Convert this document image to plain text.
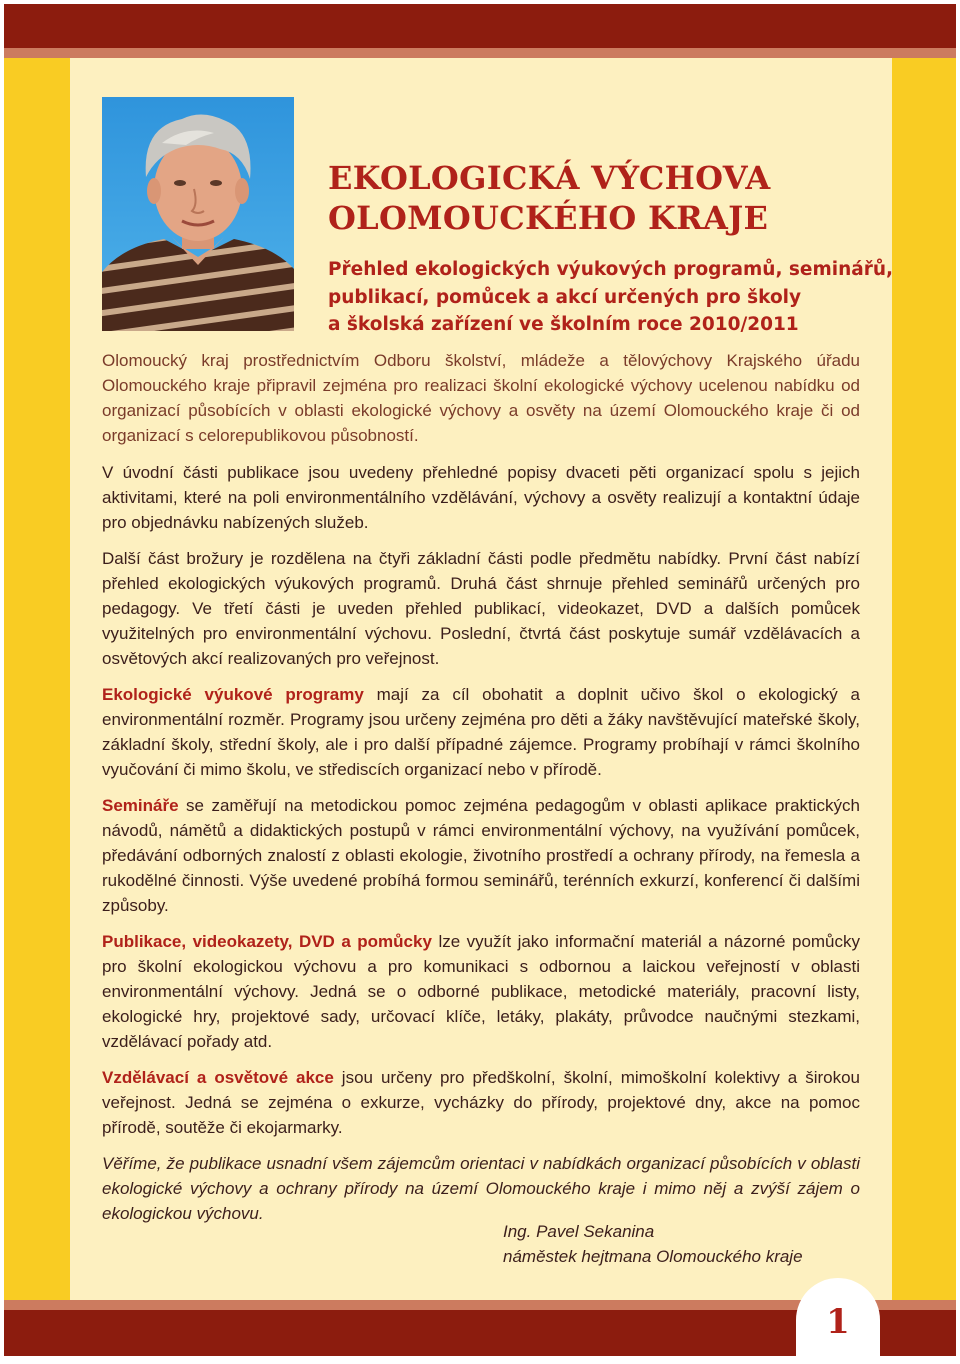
EKOLOGICKÁ VÝCHOVA
OLOMOUCKÉHO KRAJE
Přehled ekologických výukových programů, seminářů,
publikací, pomůcek a akcí určených pro školy
a školská zařízení ve školním roce 2010/2011

Olomoucký kraj prostřednictvím Odboru školství, mládeže a tělovýchovy Krajského úřadu Olomouckého kraje připravil zejména pro realizaci školní ekologické výchovy ucelenou nabídku od organizací působících v oblasti ekologické výchovy a osvěty na území Olomouckého kraje či od organizací s celorepublikovou působností.

V úvodní části publikace jsou uvedeny přehledné popisy dvaceti pěti organizací spolu s jejich aktivitami, které na poli environmentálního vzdělávání, výchovy a osvěty realizují a kontaktní údaje pro objednávku nabízených služeb.

Další část brožury je rozdělena na čtyři základní části podle předmětu nabídky. První část nabízí přehled ekologických výukových programů. Druhá část shrnuje přehled seminářů určených pro pedagogy. Ve třetí části je uveden přehled publikací, videokazet, DVD a dalších pomůcek využitelných pro environmentální výchovu. Poslední, čtvrtá část poskytuje sumář vzdělávacích a osvětových akcí realizovaných pro veřejnost.

Ekologické výukové programy mají za cíl obohatit a doplnit učivo škol o ekologický a environmentální rozměr. Programy jsou určeny zejména pro děti a žáky navštěvující mateřské školy, základní školy, střední školy, ale i pro další případné zájemce. Programy probíhají v rámci školního vyučování či mimo školu, ve střediscích organizací nebo v přírodě.

Semináře se zaměřují na metodickou pomoc zejména pedagogům v oblasti aplikace praktických návodů, námětů a didaktických postupů v rámci environmentální výchovy, na využívání pomůcek, předávání odborných znalostí z oblasti ekologie, životního prostředí a ochrany přírody, na řemesla a rukodělné činnosti. Výše uvedené probíhá formou seminářů, terénních exkurzí, konferencí či dalšími způsoby.

Publikace, videokazety, DVD a pomůcky lze využít jako informační materiál a názorné pomůcky pro školní ekologickou výchovu a pro komunikaci s odbornou a laickou veřejností v oblasti environmentální výchovy. Jedná se o odborné publikace, metodické materiály, pracovní listy, ekologické hry, projektové sady, určovací klíče, letáky, plakáty, průvodce naučnými stezkami, vzdělávací pořady atd.

Vzdělávací a osvětové akce jsou určeny pro předškolní, školní, mimoškolní kolektivy a širokou veřejnost. Jedná se zejména o exkurze, vycházky do přírody, projektové dny, akce na pomoc přírodě, soutěže či ekojarmarky.

Věříme, že publikace usnadní všem zájemcům orientaci v nabídkách organizací působících v oblasti ekologické výchovy a ochrany přírody na území Olomouckého kraje i mimo něj a zvýší zájem o ekologickou výchovu.

Ing. Pavel Sekanina
náměstek hejtmana Olomouckého kraje
1
